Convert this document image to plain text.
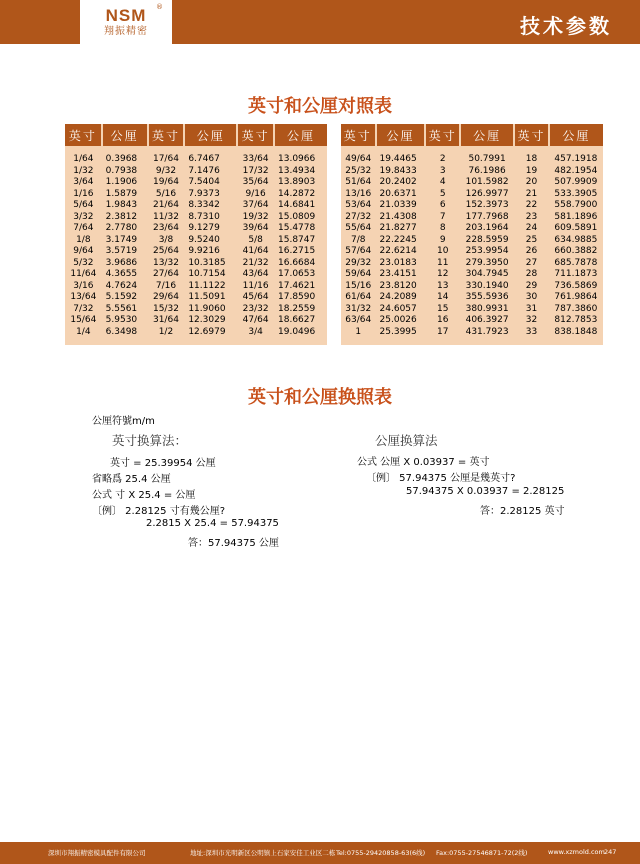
NSM	®
翔振精密	技术参数
英寸和公厘对照表
英寸	公厘	英寸	公厘	英寸	公厘

1/64	0.3968	17/64	6.7467	33/64	13.0966
1/32	0.7938	9/32	7.1476	17/32	13.4934
3/64	1.1906	19/64	7.5404	35/64	13.8903
1/16	1.5879	5/16	7.9373	9/16	14.2872
5/64	1.9843	21/64	8.3342	37/64	14.6841
3/32	2.3812	11/32	8.7310	19/32	15.0809
7/64	2.7780	23/64	9.1279	39/64	15.4778
1/8	3.1749	3/8	9.5240	5/8	15.8747
9/64	3.5719	25/64	9.9216	41/64	16.2715
5/32	3.9686	13/32	10.3185	21/32	16.6684
11/64	4.3655	27/64	10.7154	43/64	17.0653
3/16	4.7624	7/16	11.1122	11/16	17.4621
13/64	5.1592	29/64	11.5091	45/64	17.8590
7/32	5.5561	15/32	11.9060	23/32	18.2559
15/64	5.9530	31/64	12.3029	47/64	18.6627
1/4	6.3498	1/2	12.6979	3/4	19.0496

英寸	公厘	英寸	公厘	英寸	公厘

49/64	19.4465	2	50.7991	18	457.1918
25/32	19.8433	3	76.1986	19	482.1954
51/64	20.2402	4	101.5982	20	507.9909
13/16	20.6371	5	126.9977	21	533.3905
53/64	21.0339	6	152.3973	22	558.7900
27/32	21.4308	7	177.7968	23	581.1896
55/64	21.8277	8	203.1964	24	609.5891
7/8	22.2245	9	228.5959	25	634.9885
57/64	22.6214	10	253.9954	26	660.3882
29/32	23.0183	11	279.3950	27	685.7878
59/64	23.4151	12	304.7945	28	711.1873
15/16	23.8120	13	330.1940	29	736.5869
61/64	24.2089	14	355.5936	30	761.9864
31/32	24.6057	15	380.9931	31	787.3860
63/64	25.0026	16	406.3927	32	812.7853
1	25.3995	17	431.7923	33	838.1848

英寸和公厘换照表
公厘符號m/m
英寸换算法：
英寸 = 25.39954 公厘
省略爲 25.4 公厘
公式 寸 X 25.4 = 公厘
〔例〕 2.28125 寸有幾公厘?
2.2815 X 25.4 = 57.94375
答：57.94375 公厘
公厘换算法
公式 公厘 X 0.03937 = 英寸
〔例〕 57.94375 公厘是幾英寸?
57.94375 X 0.03937 = 2.28125
答：2.28125 英寸
深圳市翔振精密模具配件有限公司	地址:深圳市光明新区公明镇上石家安佳工业区二栋 Tel:0755-29420858-63(6线) Fax:0755-27546871-72(2线)	www.xzmold.com 247
